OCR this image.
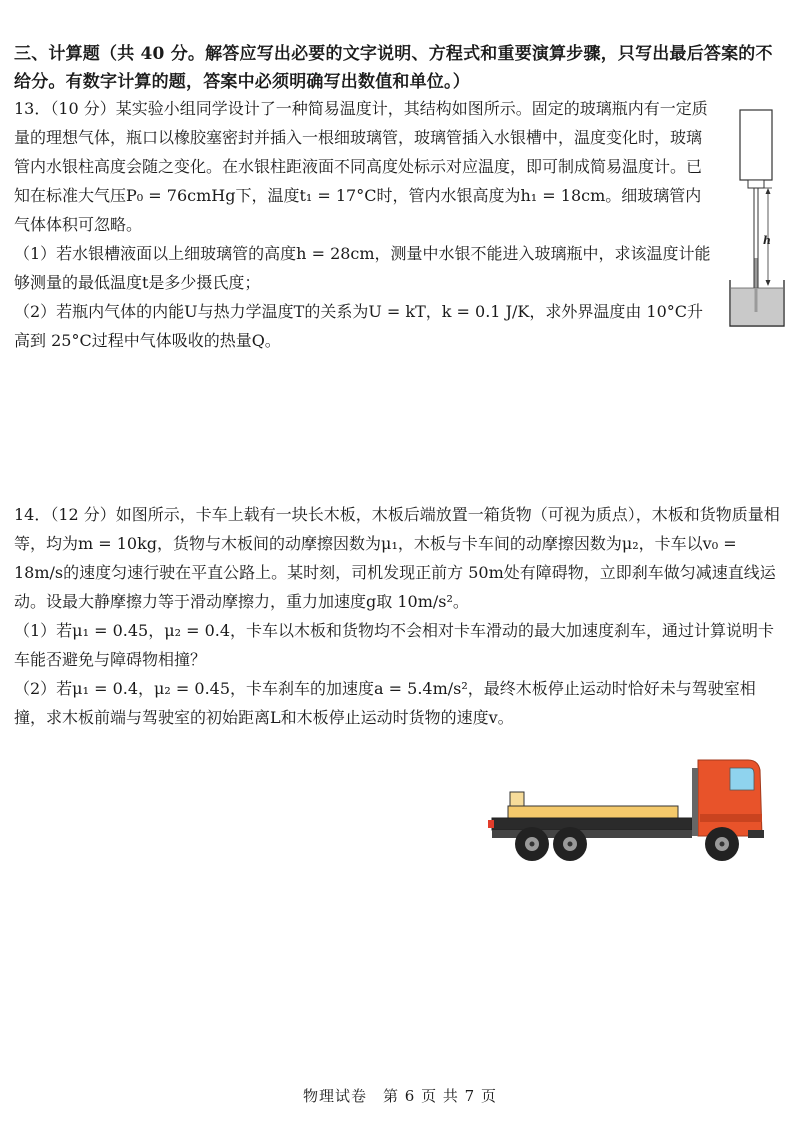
三、计算题（共 40 分。解答应写出必要的文字说明、方程式和重要演算步骤，只写出最后答案的不给分。有数字计算的题，答案中必须明确写出数值和单位。）

13．（10 分）某实验小组同学设计了一种简易温度计，其结构如图所示。固定的玻璃瓶内有一定质量的理想气体，瓶口以橡胶塞密封并插入一根细玻璃管，玻璃管插入水银槽中，温度变化时，玻璃管内水银柱高度会随之变化。在水银柱距液面不同高度处标示对应温度，即可制成简易温度计。已知在标准大气压P₀ = 76cmHg下，温度t₁ = 17°C时，管内水银高度为h₁ = 18cm。细玻璃管内气体体积可忽略。

（1）若水银槽液面以上细玻璃管的高度h = 28cm，测量中水银不能进入玻璃瓶中，求该温度计能够测量的最低温度t是多少摄氏度；

（2）若瓶内气体的内能U与热力学温度T的关系为U = kT，k = 0.1 J/K，求外界温度由 10°C升高到 25°C过程中气体吸收的热量Q。

h

14．（12 分）如图所示，卡车上载有一块长木板，木板后端放置一箱货物（可视为质点），木板和货物质量相等，均为m = 10kg，货物与木板间的动摩擦因数为μ₁，木板与卡车间的动摩擦因数为μ₂，卡车以v₀ = 18m/s的速度匀速行驶在平直公路上。某时刻，司机发现正前方 50m处有障碍物，立即刹车做匀减速直线运动。设最大静摩擦力等于滑动摩擦力，重力加速度g取 10m/s²。

（1）若μ₁ = 0.45，μ₂ = 0.4，卡车以木板和货物均不会相对卡车滑动的最大加速度刹车，通过计算说明卡车能否避免与障碍物相撞？

（2）若μ₁ = 0.4，μ₂ = 0.45，卡车刹车的加速度a = 5.4m/s²，最终木板停止运动时恰好未与驾驶室相撞，求木板前端与驾驶室的初始距离L和木板停止运动时货物的速度v。

物理试卷　第 6 页 共 7 页
